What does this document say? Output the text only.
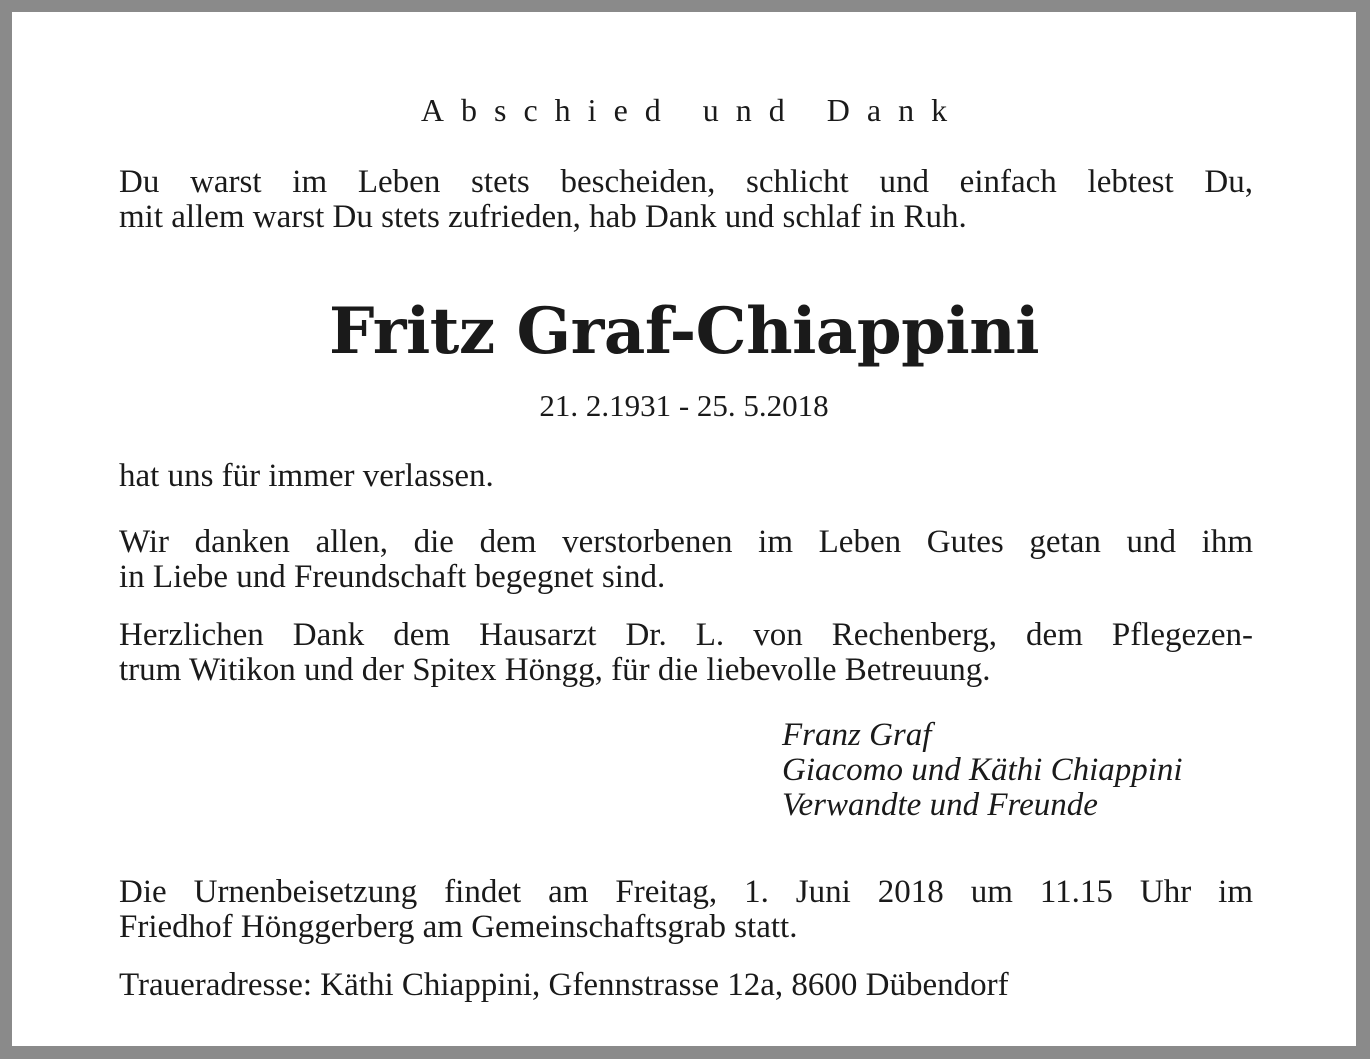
Abschied und Dank
Du warst im Leben stets bescheiden, schlicht und einfach lebtest Du,
mit allem warst Du stets zufrieden, hab Dank und schlaf in Ruh.
Fritz Graf-Chiappini
21. 2.1931 - 25. 5.2018
hat uns für immer verlassen.
Wir danken allen, die dem verstorbenen im Leben Gutes getan und ihm
in Liebe und Freundschaft begegnet sind.
Herzlichen Dank dem Hausarzt Dr. L. von Rechenberg, dem Pflegezen-
trum Witikon und der Spitex Höngg, für die liebevolle Betreuung.
Franz Graf
Giacomo und Käthi Chiappini
Verwandte und Freunde
Die Urnenbeisetzung findet am Freitag, 1. Juni 2018 um 11.15 Uhr im
Friedhof Hönggerberg am Gemeinschaftsgrab statt.
Traueradresse: Käthi Chiappini, Gfennstrasse 12a, 8600 Dübendorf
